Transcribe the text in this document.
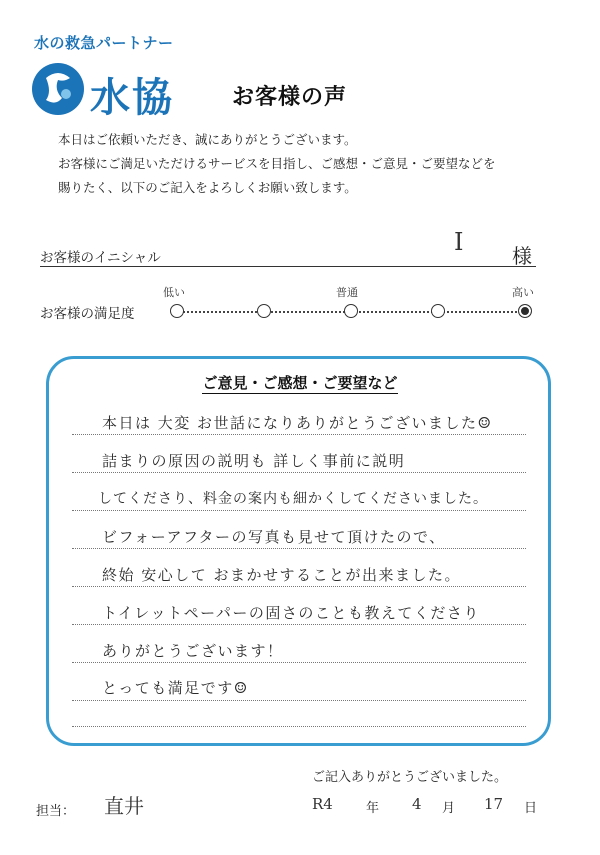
水の救急パートナー
水協	お客様の声
本日はご依頼いただき、誠にありがとうございます。
お客様にご満足いただけるサービスを目指し、ご感想・ご意見・ご要望などを
賜りたく、以下のご記入をよろしくお願い致します。
お客様のイニシャル
I 様
お客様の満足度
低い	普通	高い
ご意見・ご感想・ご要望など
本日は 大変 お世話になりありがとうございました☺
詰まりの原因の説明も 詳しく事前に説明
してくださり、料金の案内も細かくしてくださいました。
ビフォーアフターの写真も見せて頂けたので、
終始 安心して おまかせすることが出来ました。
トイレットペーパーの固さのことも教えてくださり
ありがとうございます！
とっても満足です☺
ご記入ありがとうございました。
担当： 直井	R4	年 4 月 17 日
